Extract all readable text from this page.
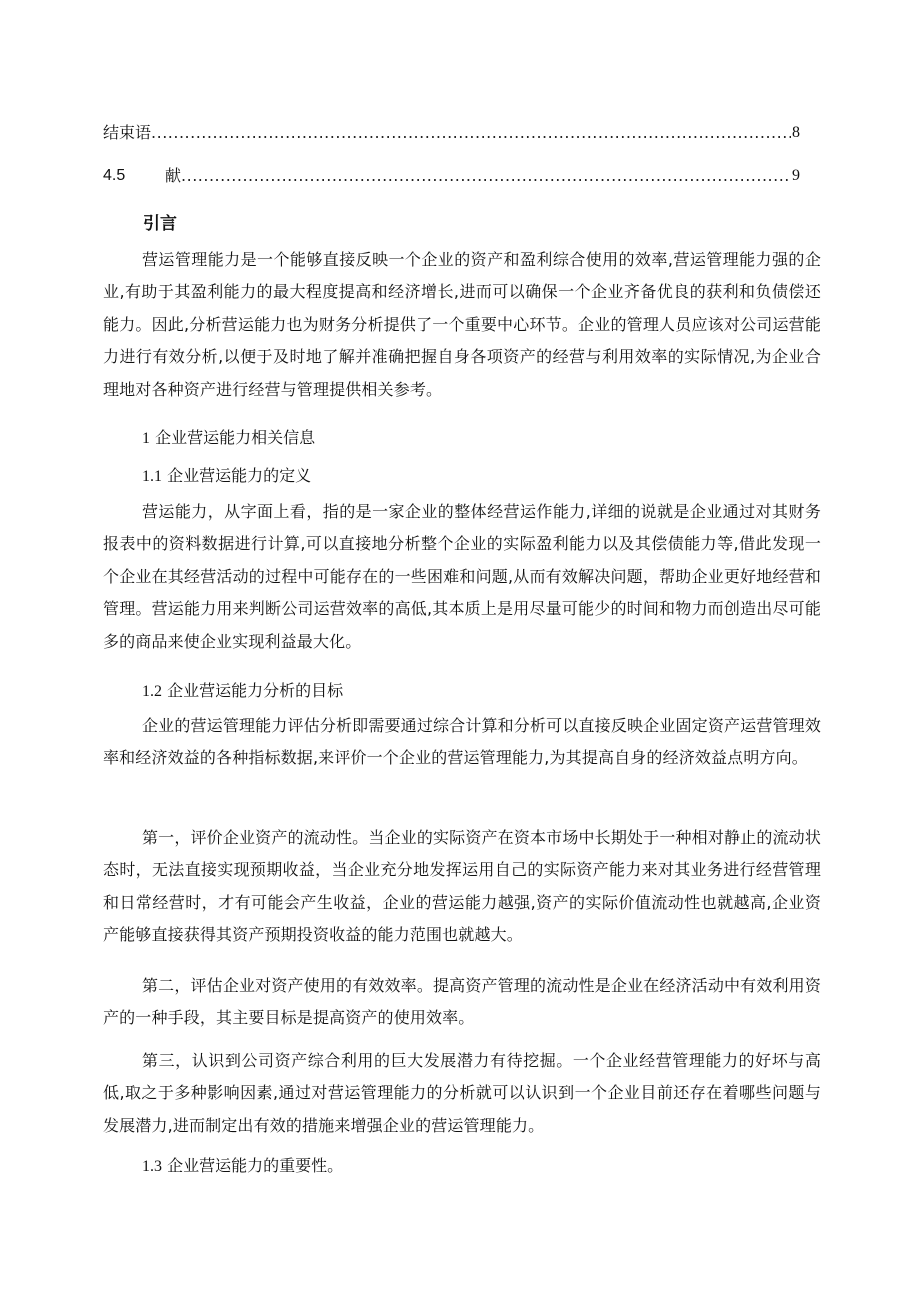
结束语 .....	8
4.5	献 .....	9
引言

营运管理能力是一个能够直接反映一个企业的资产和盈利综合使用的效率,营运管理能力强的企业,有助于其盈利能力的最大程度提高和经济增长,进而可以确保一个企业齐备优良的获利和负债偿还能力。因此,分析营运能力也为财务分析提供了一个重要中心环节。企业的管理人员应该对公司运营能力进行有效分析,以便于及时地了解并准确把握自身各项资产的经营与利用效率的实际情况,为企业合理地对各种资产进行经营与管理提供相关参考。

1 企业营运能力相关信息
1.1 企业营运能力的定义

营运能力，从字面上看，指的是一家企业的整体经营运作能力,详细的说就是企业通过对其财务报表中的资料数据进行计算,可以直接地分析整个企业的实际盈利能力以及其偿债能力等,借此发现一个企业在其经营活动的过程中可能存在的一些困难和问题,从而有效解决问题，帮助企业更好地经营和管理。营运能力用来判断公司运营效率的高低,其本质上是用尽量可能少的时间和物力而创造出尽可能多的商品来使企业实现利益最大化。

1.2 企业营运能力分析的目标

企业的营运管理能力评估分析即需要通过综合计算和分析可以直接反映企业固定资产运营管理效率和经济效益的各种指标数据,来评价一个企业的营运管理能力,为其提高自身的经济效益点明方向。

第一，评价企业资产的流动性。当企业的实际资产在资本市场中长期处于一种相对静止的流动状态时，无法直接实现预期收益，当企业充分地发挥运用自己的实际资产能力来对其业务进行经营管理和日常经营时，才有可能会产生收益，企业的营运能力越强,资产的实际价值流动性也就越高,企业资产能够直接获得其资产预期投资收益的能力范围也就越大。

第二，评估企业对资产使用的有效效率。提高资产管理的流动性是企业在经济活动中有效利用资产的一种手段，其主要目标是提高资产的使用效率。

第三，认识到公司资产综合利用的巨大发展潜力有待挖掘。一个企业经营管理能力的好坏与高低,取之于多种影响因素,通过对营运管理能力的分析就可以认识到一个企业目前还存在着哪些问题与发展潜力,进而制定出有效的措施来增强企业的营运管理能力。

1.3 企业营运能力的重要性。
